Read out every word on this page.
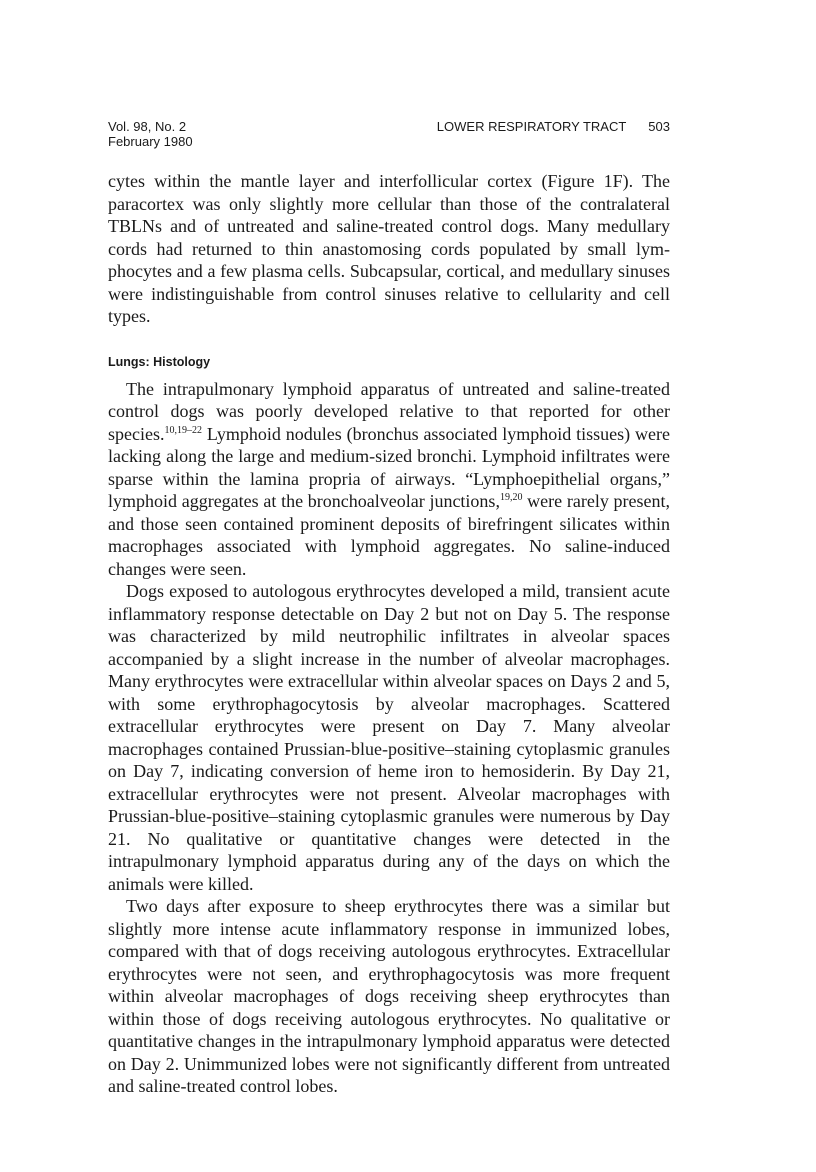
Vol. 98, No. 2
February 1980
LOWER RESPIRATORY TRACT 503

cytes within the mantle layer and interfollicular cortex (Figure 1F). The paracortex was only slightly more cellular than those of the contralateral TBLNs and of untreated and saline-treated control dogs. Many medullary cords had returned to thin anastomosing cords populated by small lymphocytes and a few plasma cells. Subcapsular, cortical, and medullary sinuses were indistinguishable from control sinuses relative to cellularity and cell types.

Lungs: Histology

The intrapulmonary lymphoid apparatus of untreated and saline-treated control dogs was poorly developed relative to that reported for other species.$^{10,19-22}$ Lymphoid nodules (bronchus associated lymphoid tissues) were lacking along the large and medium-sized bronchi. Lymphoid infiltrates were sparse within the lamina propria of airways. “Lymphoepithelial organs,” lymphoid aggregates at the bronchoalveolar junctions,$^{19,20}$ were rarely present, and those seen contained prominent deposits of birefringent silicates within macrophages associated with lymphoid aggregates. No saline-induced changes were seen.

Dogs exposed to autologous erythrocytes developed a mild, transient acute inflammatory response detectable on Day 2 but not on Day 5. The response was characterized by mild neutrophilic infiltrates in alveolar spaces accompanied by a slight increase in the number of alveolar macrophages. Many erythrocytes were extracellular within alveolar spaces on Days 2 and 5, with some erythrophagocytosis by alveolar macrophages. Scattered extracellular erythrocytes were present on Day 7. Many alveolar macrophages contained Prussian-blue-positive–staining cytoplasmic granules on Day 7, indicating conversion of heme iron to hemosiderin. By Day 21, extracellular erythrocytes were not present. Alveolar macrophages with Prussian-blue-positive–staining cytoplasmic granules were numerous by Day 21. No qualitative or quantitative changes were detected in the intrapulmonary lymphoid apparatus during any of the days on which the animals were killed.

Two days after exposure to sheep erythrocytes there was a similar but slightly more intense acute inflammatory response in immunized lobes, compared with that of dogs receiving autologous erythrocytes. Extracellular erythrocytes were not seen, and erythrophagocytosis was more frequent within alveolar macrophages of dogs receiving sheep erythrocytes than within those of dogs receiving autologous erythrocytes. No qualitative or quantitative changes in the intrapulmonary lymphoid apparatus were detected on Day 2. Unimmunized lobes were not significantly different from untreated and saline-treated control lobes.
